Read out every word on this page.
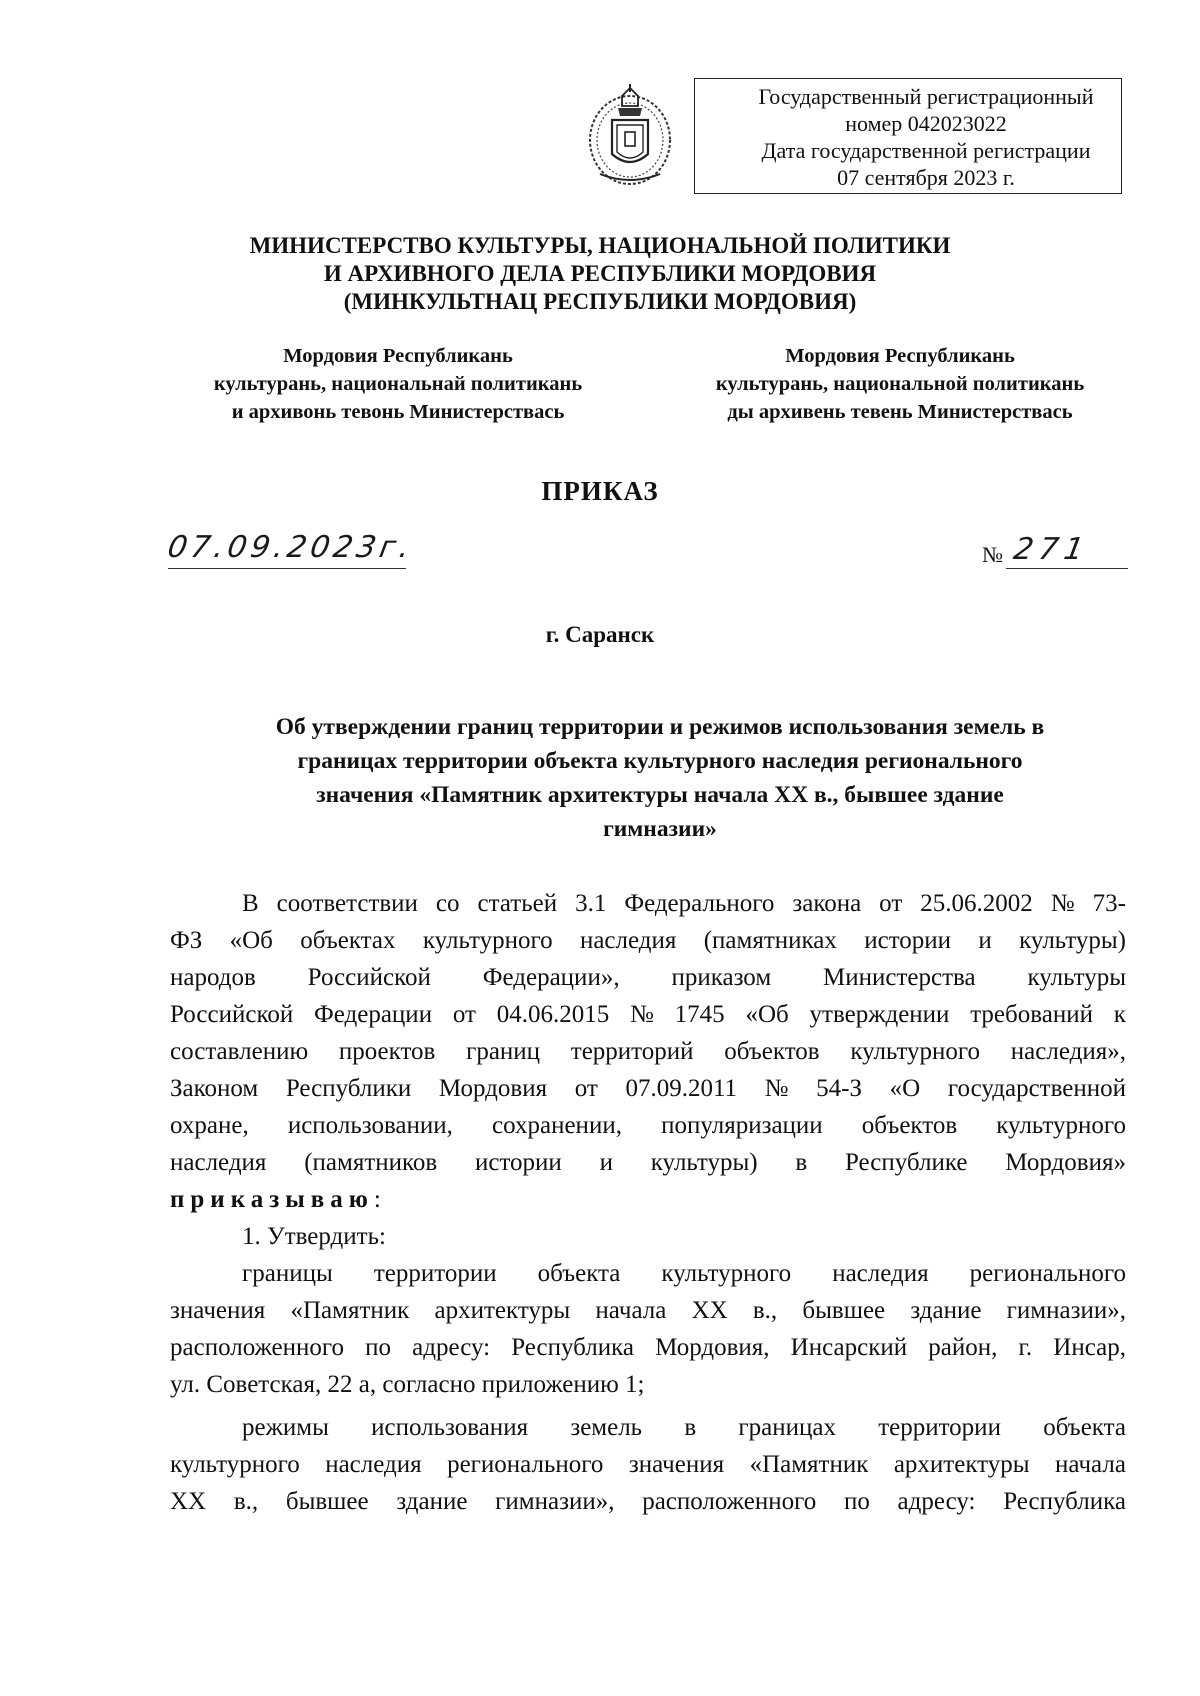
Государственный регистрационный
номер 042023022
Дата государственной регистрации
07 сентября 2023 г.
МИНИСТЕРСТВО КУЛЬТУРЫ, НАЦИОНАЛЬНОЙ ПОЛИТИКИ
И АРХИВНОГО ДЕЛА РЕСПУБЛИКИ МОРДОВИЯ
(МИНКУЛЬТНАЦ РЕСПУБЛИКИ МОРДОВИЯ)
Мордовия Республикань
культурань, национальнай политикань
и архивонь тевонь Министерствась
Мордовия Республикань
культурань, национальной политикань
ды архивень тевень Министерствась
ПРИКАЗ
07.09.2023г.	№ 271
г. Саранск
Об утверждении границ территории и режимов использования земель в
границах территории объекта культурного наследия регионального
значения «Памятник архитектуры начала XX в., бывшее здание
гимназии»
В соответствии со статьей 3.1 Федерального закона от 25.06.2002 № 73-
ФЗ «Об объектах культурного наследия (памятниках истории и культуры)
народов Российской Федерации», приказом Министерства культуры
Российской Федерации от 04.06.2015 № 1745 «Об утверждении требований к
составлению проектов границ территорий объектов культурного наследия»,
Законом Республики Мордовия от 07.09.2011 № 54-З «О государственной
охране, использовании, сохранении, популяризации объектов культурного
наследия (памятников истории и культуры) в Республике Мордовия»
приказываю :
1. Утвердить:
границы территории объекта культурного наследия регионального
значения «Памятник архитектуры начала XX в., бывшее здание гимназии»,
расположенного по адресу: Республика Мордовия, Инсарский район, г. Инсар,
ул. Советская, 22 а, согласно приложению 1;
режимы использования земель в границах территории объекта
культурного наследия регионального значения «Памятник архитектуры начала
XX в., бывшее здание гимназии», расположенного по адресу: Республика
